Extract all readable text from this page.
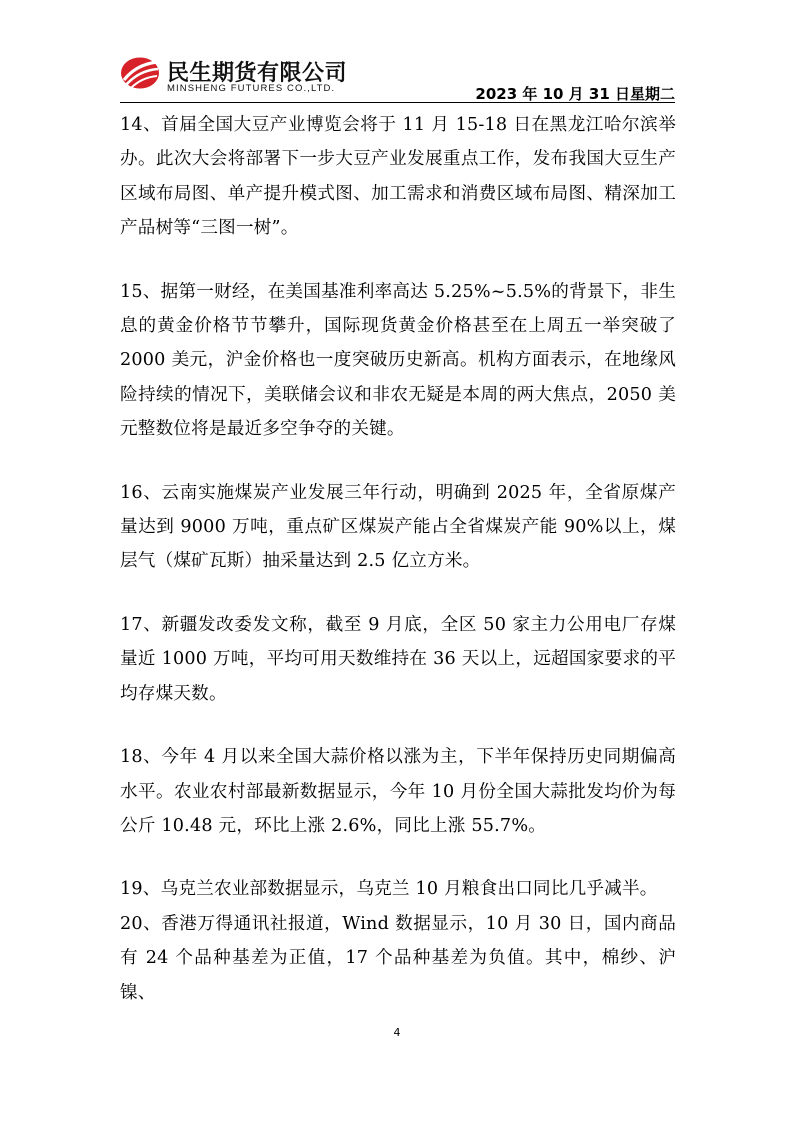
民生期货有限公司
MINSHENG FUTURES CO.,LTD.	2023 年 10 月 31 日星期二

14、首届全国大豆产业博览会将于 11 月 15-18 日在黑龙江哈尔滨举办。此次大会将部署下一步大豆产业发展重点工作，发布我国大豆生产区域布局图、单产提升模式图、加工需求和消费区域布局图、精深加工产品树等“三图一树”。

15、据第一财经，在美国基准利率高达 5.25%~5.5%的背景下，非生息的黄金价格节节攀升，国际现货黄金价格甚至在上周五一举突破了 2000 美元，沪金价格也一度突破历史新高。机构方面表示，在地缘风险持续的情况下，美联储会议和非农无疑是本周的两大焦点，2050 美元整数位将是最近多空争夺的关键。

16、云南实施煤炭产业发展三年行动，明确到 2025 年，全省原煤产量达到 9000 万吨，重点矿区煤炭产能占全省煤炭产能 90%以上，煤层气（煤矿瓦斯）抽采量达到 2.5 亿立方米。

17、新疆发改委发文称，截至 9 月底，全区 50 家主力公用电厂存煤量近 1000 万吨，平均可用天数维持在 36 天以上，远超国家要求的平均存煤天数。

18、今年 4 月以来全国大蒜价格以涨为主，下半年保持历史同期偏高水平。农业农村部最新数据显示，今年 10 月份全国大蒜批发均价为每公斤 10.48 元，环比上涨 2.6%，同比上涨 55.7%。

19、乌克兰农业部数据显示，乌克兰 10 月粮食出口同比几乎减半。

20、香港万得通讯社报道，Wind 数据显示，10 月 30 日，国内商品有 24 个品种基差为正值，17 个品种基差为负值。其中，棉纱、沪镍、

4
